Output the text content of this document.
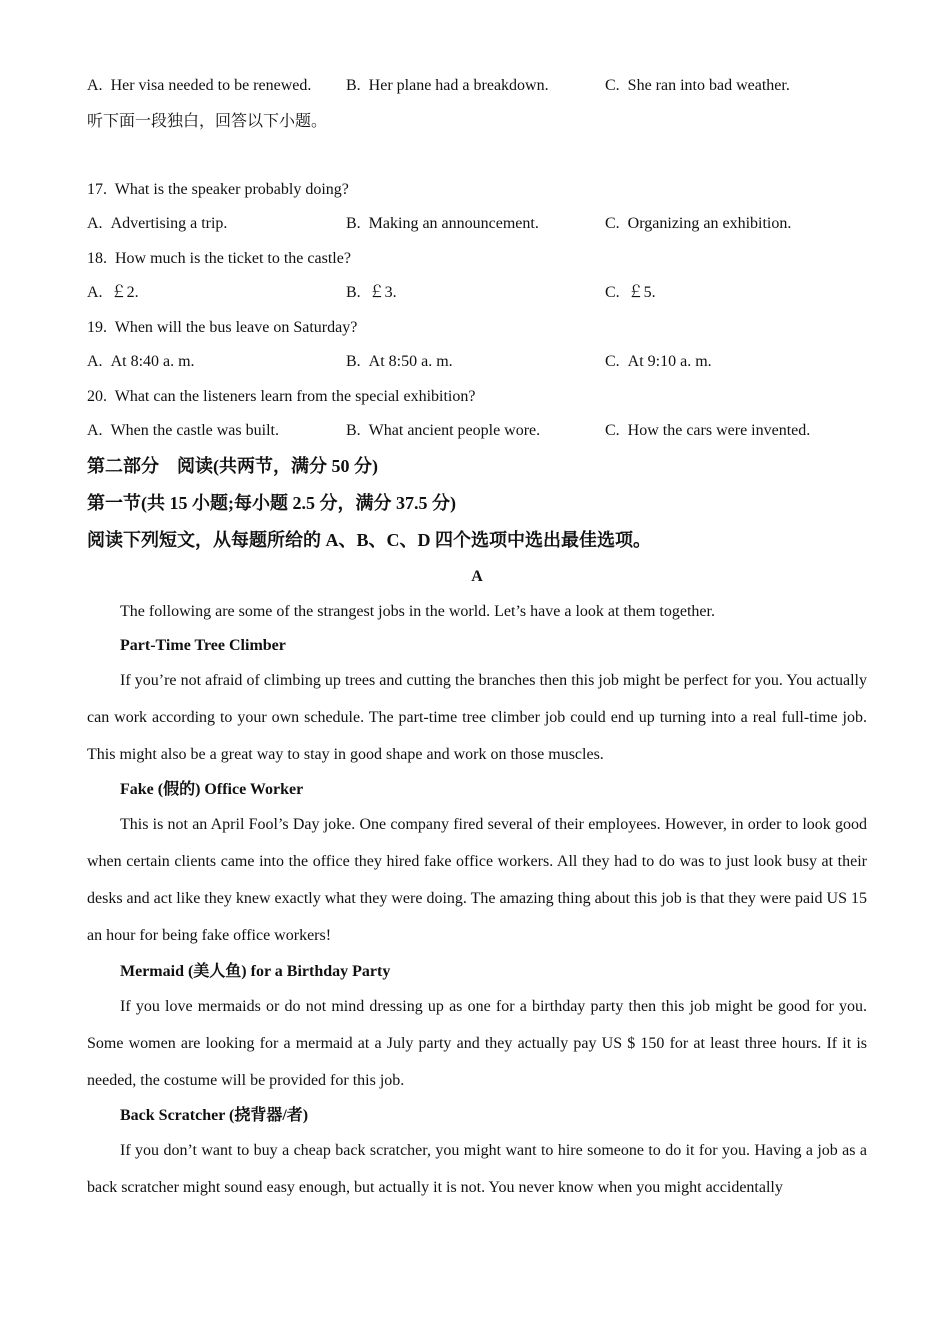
A. Her visa needed to be renewed. B. Her plane had a breakdown.	C. She ran into bad weather.
听下面一段独白，回答以下小题。
17. What is the speaker probably doing?
A. Advertising a trip.	B. Making an announcement.	C. Organizing an exhibition.
18. How much is the ticket to the castle?
A. ￡2.	B. ￡3.	C. ￡5.
19. When will the bus leave on Saturday?
A. At 8:40 a. m.	B. At 8:50 a. m.	C. At 9:10 a. m.
20. What can the listeners learn from the special exhibition?
A. When the castle was built.	B. What ancient people wore.	C. How the cars were invented.
第二部分　阅读(共两节，满分 50 分)
第一节(共 15 小题;每小题 2.5 分，满分 37.5 分)
阅读下列短文，从每题所给的 A、B、C、D 四个选项中选出最佳选项。
A
The following are some of the strangest jobs in the world. Let’s have a look at them together.
Part-Time Tree Climber

If you’re not afraid of climbing up trees and cutting the branches then this job might be perfect for you. You actually can work according to your own schedule. The part-time tree climber job could end up turning into a real full-time job. This might also be a great way to stay in good shape and work on those muscles.

Fake (假的) Office Worker

This is not an April Fool’s Day joke. One company fired several of their employees. However, in order to look good when certain clients came into the office they hired fake office workers. All they had to do was to just look busy at their desks and act like they knew exactly what they were doing. The amazing thing about this job is that they were paid US 15 an hour for being fake office workers!

Mermaid (美人鱼) for a Birthday Party

If you love mermaids or do not mind dressing up as one for a birthday party then this job might be good for you. Some women are looking for a mermaid at a July party and they actually pay US $ 150 for at least three hours. If it is needed, the costume will be provided for this job.

Back Scratcher (挠背器/者)

If you don’t want to buy a cheap back scratcher, you might want to hire someone to do it for you. Having a job as a back scratcher might sound easy enough, but actually it is not. You never know when you might accidentally
